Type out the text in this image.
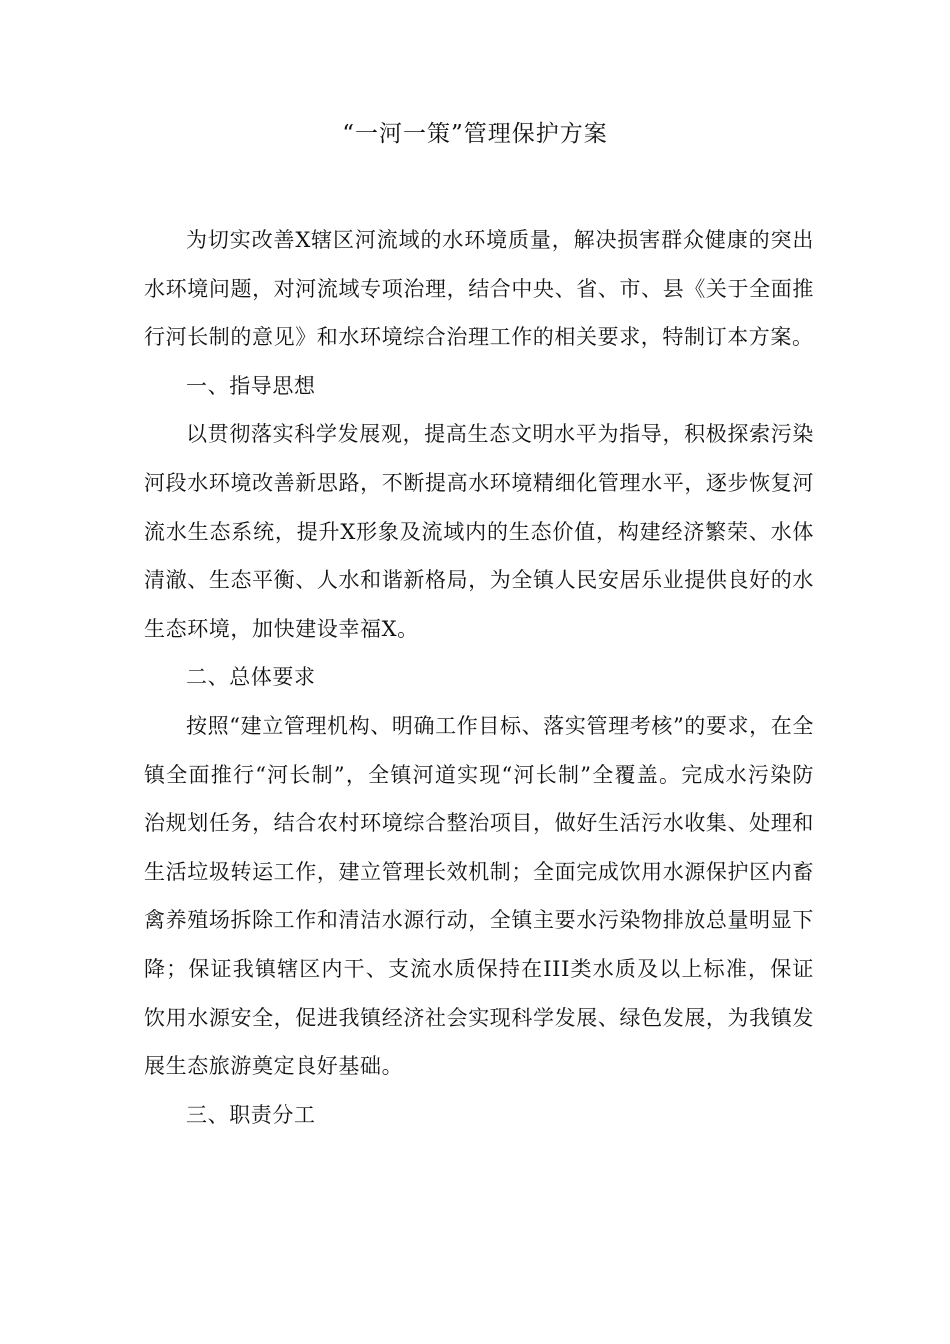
“一河一策”管理保护方案

为切实改善X辖区河流域的水环境质量，解决损害群众健康的突出水环境问题，对河流域专项治理，结合中央、省、市、县《关于全面推行河长制的意见》和水环境综合治理工作的相关要求，特制订本方案。

一、指导思想

以贯彻落实科学发展观，提高生态文明水平为指导，积极探索污染河段水环境改善新思路，不断提高水环境精细化管理水平，逐步恢复河流水生态系统，提升X形象及流域内的生态价值，构建经济繁荣、水体清澈、生态平衡、人水和谐新格局，为全镇人民安居乐业提供良好的水生态环境，加快建设幸福X。

二、总体要求

按照“建立管理机构、明确工作目标、落实管理考核”的要求，在全镇全面推行“河长制”，全镇河道实现“河长制”全覆盖。完成水污染防治规划任务，结合农村环境综合整治项目，做好生活污水收集、处理和生活垃圾转运工作，建立管理长效机制；全面完成饮用水源保护区内畜禽养殖场拆除工作和清洁水源行动，全镇主要水污染物排放总量明显下降；保证我镇辖区内干、支流水质保持在III类水质及以上标准，保证饮用水源安全，促进我镇经济社会实现科学发展、绿色发展，为我镇发展生态旅游奠定良好基础。

三、职责分工
